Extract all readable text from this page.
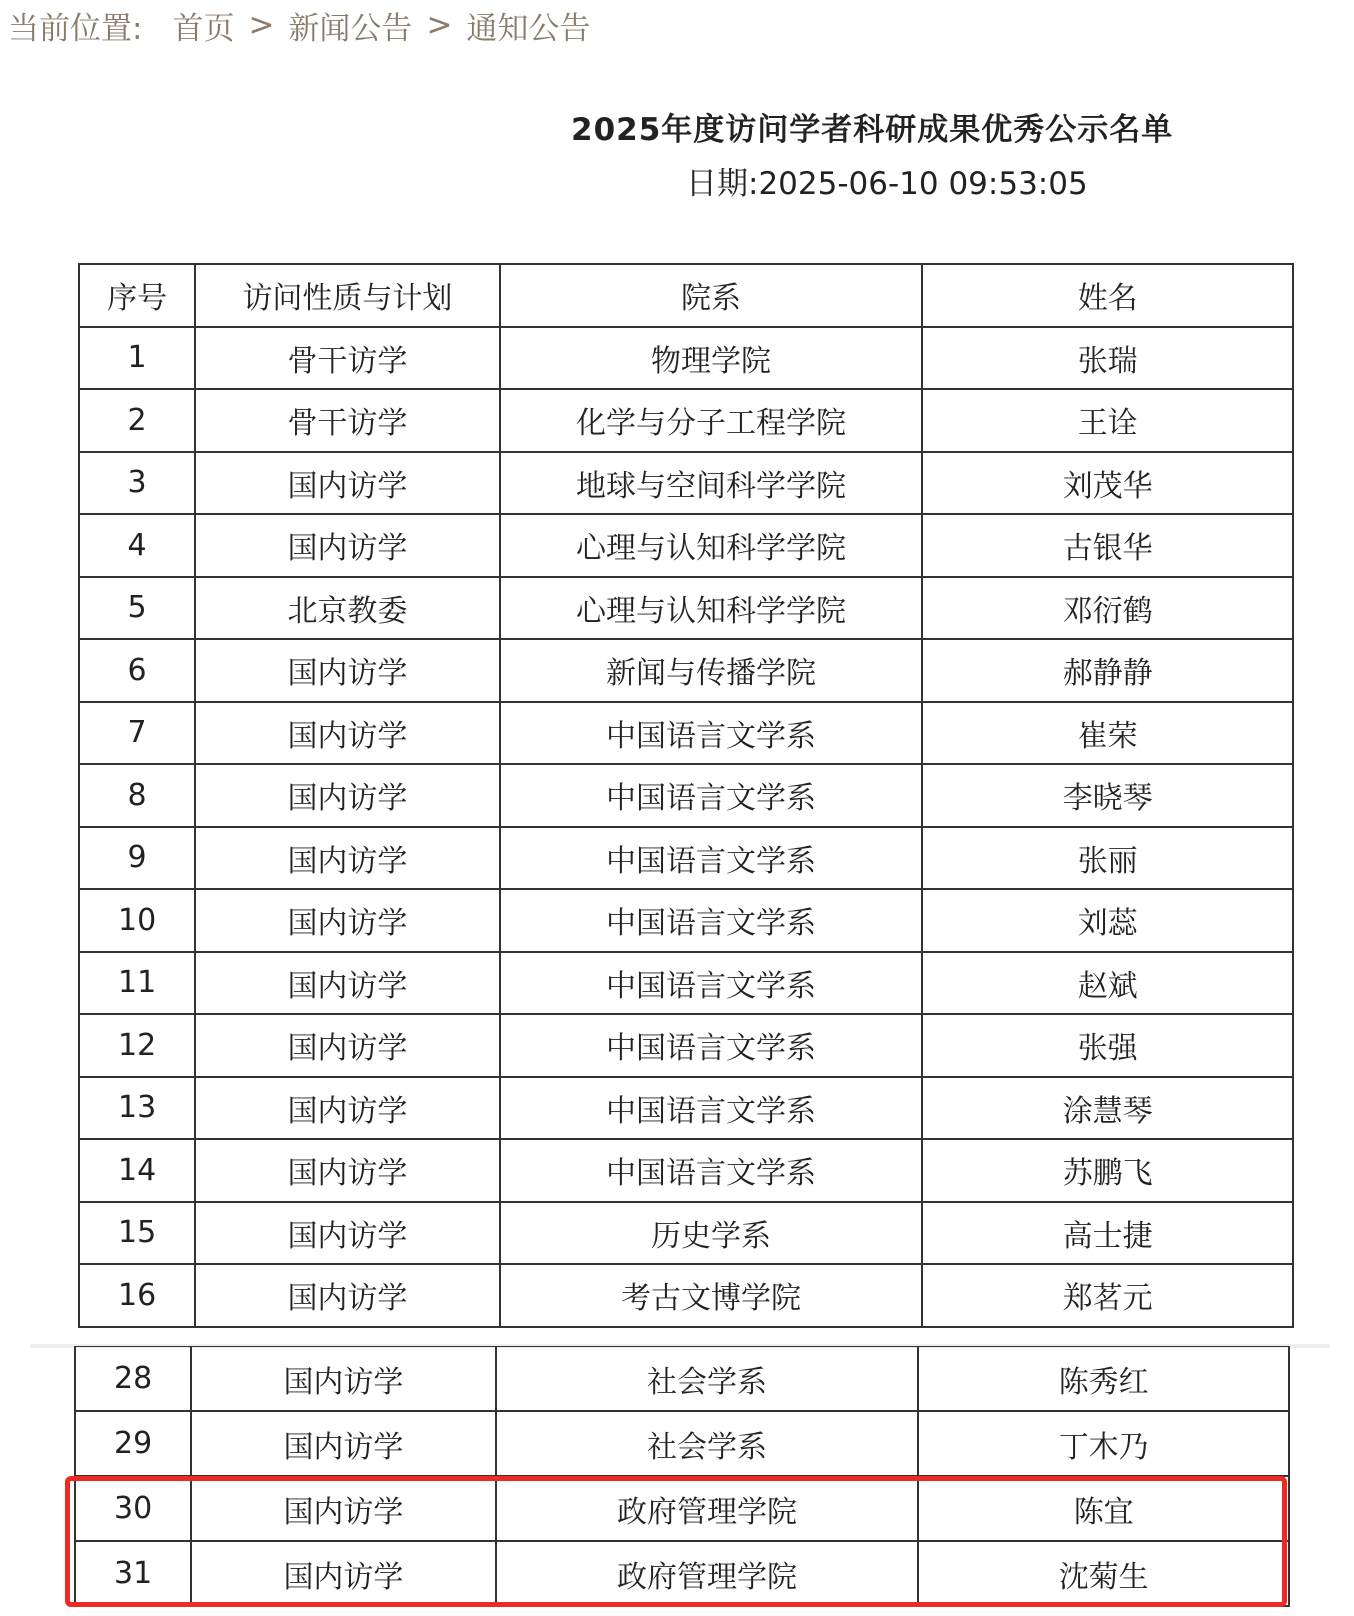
当前位置: 首页 > 新闻公告 > 通知公告
2025年度访问学者科研成果优秀公示名单
日期:2025-06-10 09:53:05
序号	访问性质与计划	院系	姓名
1	骨干访学	物理学院	张瑞
2	骨干访学	化学与分子工程学院	王诠
3	国内访学	地球与空间科学学院	刘茂华
4	国内访学	心理与认知科学学院	古银华
5	北京教委	心理与认知科学学院	邓衍鹤
6	国内访学	新闻与传播学院	郝静静
7	国内访学	中国语言文学系	崔荣
8	国内访学	中国语言文学系	李晓琴
9	国内访学	中国语言文学系	张丽
10	国内访学	中国语言文学系	刘蕊
11	国内访学	中国语言文学系	赵斌
12	国内访学	中国语言文学系	张强
13	国内访学	中国语言文学系	涂慧琴
14	国内访学	中国语言文学系	苏鹏飞
15	国内访学	历史学系	高士捷
16	国内访学	考古文博学院	郑茗元
28	国内访学	社会学系	陈秀红
29	国内访学	社会学系	丁木乃
30	国内访学	政府管理学院	陈宜
31	国内访学	政府管理学院	沈菊生
